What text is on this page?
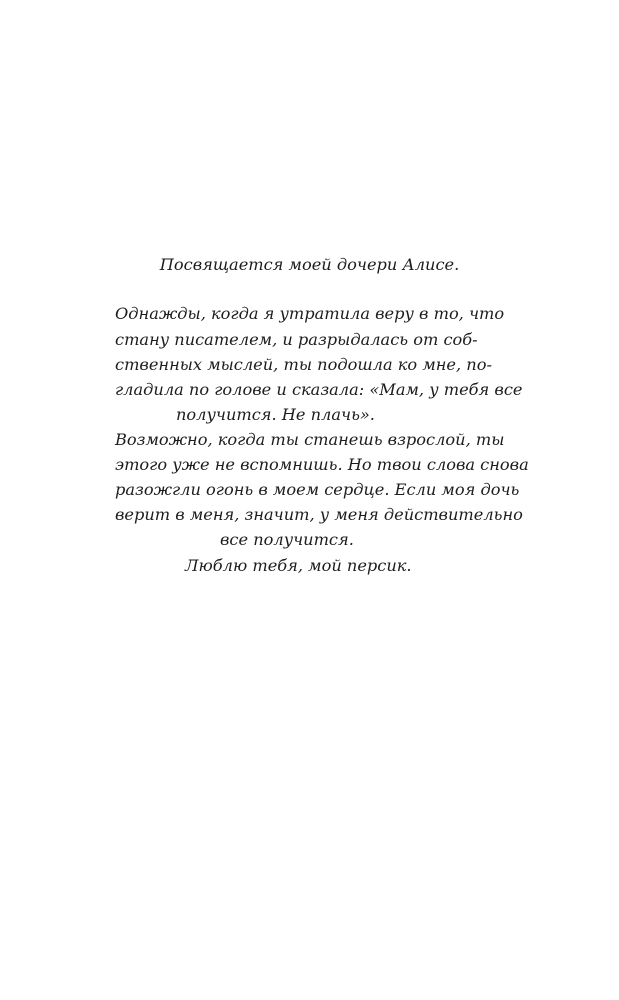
Посвящается моей дочери Алисе.
Однажды, когда я утратила веру в то, что
стану писателем, и разрыдалась от соб-
ственных мыслей, ты подошла ко мне, по-
гладила по голове и сказала: «Мам, у тебя все
получится. Не плачь».
Возможно, когда ты станешь взрослой, ты
этого уже не вспомнишь. Но твои слова снова
разожгли огонь в моем сердце. Если моя дочь
верит в меня, значит, у меня действительно
все получится.
Люблю тебя, мой персик.
